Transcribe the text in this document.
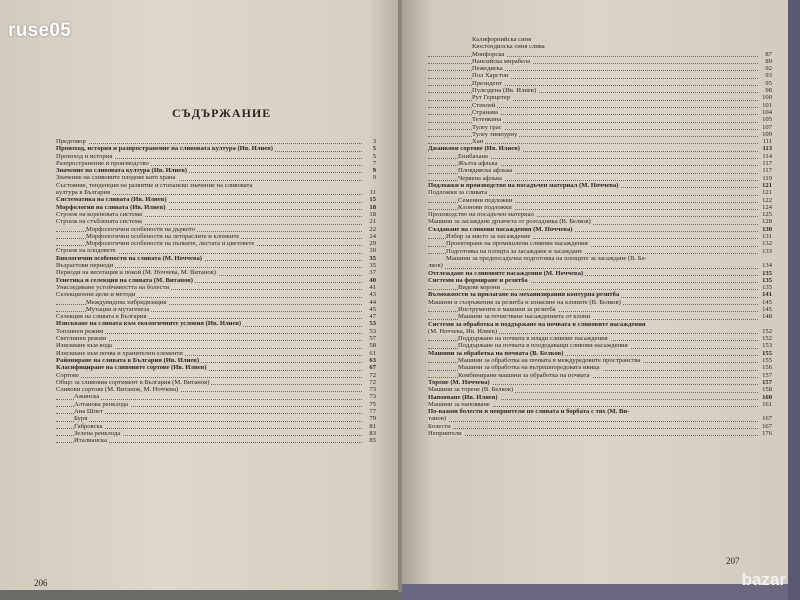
СЪДЪРЖАНИЕ
Предговор	3
Произход, история и разпространение на сливовата култура (Ив. Илиев)	5
Произход и история	5
Разпространение и производство	7
Значение на сливовата култура (Ив. Илиев)	9
Значение на сливовите плодове като храна	9
Състояние, тенденции на развитие и стопанско значение на сливовата
култура в България	11
Систематика на сливата (Ив. Илиев)	15
Морфология на сливата (Ив. Илиев)	18
Строеж на кореновата система	18
Строеж на стъблената система	21
Морфологични особености на дървото	22
Морфологични особености на летораслите и клонките	24
Морфологични особености на пъпките, листата и цветовете	29
Строеж на плодовете	30
Биологични особености на сливата (М. Ноччева)	35
Възрастови периоди	35
Периоди на вегетация и покой (М. Ноччева, М. Витанов)	37
Генетика и селекция на сливата (М. Витанов)	40
Унаследяване устойчивостта на болести	41
Селекционни цели и методи	43
Междувидова хибридизация	44
Мутации и мутагенеза	45
Селекция на сливата в България	47
Изискване на сливата към екологичните условия (Ив. Илиев)	53
Топлинен режим	53
Светлинен режим	57
Изискване към вода	58
Изискване към почва и хранителни елементи	61
Райониране на сливата в България (Ив. Илиев)	63
Класифициране на сливовите сортове (Ив. Илиев)	67
Сортове	72
Общо за сливовия сортимент в България (М. Витанов)	72
Сливови сортове (М. Витанов, М. Ноччева)	73
Ажинска	73
Алтанова ренклода	75
Ана Шпет	77
Буря	79
Габровска	81
Зелена ренклода	83
Италианска	85
206
207
Калифорнийска синя
Кюстендилска синя слива
Монфорска	87
Нансийска мирабела	89
Пежедиска	92
Пол Харстон	93
Президент	95
Пулездена (Ив. Илиев)	98
Рут Герщетер	100
Стенлей	101
Странава	104
Тетенкина	105
Тулеу грас	107
Тулеу тимпурну	109
Хан	111
Джанкови сортове (Ив. Илиев)	113
Енибахана	114
Жълта афлька	117
Пловдивска афлька	117
Червена афлька	119
Подложки и производство на посадъчен материал (М. Ноччева)	121
Подложки за сливата	121
Семенни подложки	122
Клонови подложки	124
Производство на посадъчен материал	125
Машини за засаждане дръвчета от розсадника (В. Белков)	128
Създаване на сливови насаждения (М. Ноччева)	130
Избор за място за насаждение	131
Проектиране на промишлени сливови насаждения	132
Подготовка на площта за засаждане и засаждане	133
Машини за предпосадъчна подготовка на площите за засаждане (В. Бе-
лков)	134
Отглеждане на сливовите насаждения (М. Ноччева)	135
Системи на формиране и резитба	135
Видове корони	135
Възможности за прилагане на механизирания контурна резитба	141
Машини и съоръжения за резитба и изнасяне на клоните (В. Белков)	145
Инструменти и машини за резитба	145
Машини за почистване насажденията от клони	148
Системи за обработка и поддържане на почвата в сливовите насаждения
(М. Ноччева, Ив. Илиев)	152
Поддържане на почвата в млади сливови насаждения	152
Поддържане на почвата в плододаващи сливови насаждения	153
Машини за обработка на почвата (В. Белков)	155
Машини за обработка на почвата в междуредовите пространства	155
Машини за обработка на вътрешноредовата ивица	156
Комбинирани машини за обработка на почвата	157
Торене (М. Ноччева)	157
Машини за торене (В. Белков)	158
Напояване (Ив. Илиев)	160
Машини за напояване	161
По-важни болести и неприятели по сливата и борбата с тях (М. Ви-
танов)	167
Болести	167
Неприятели	176
ruse05
bazar
